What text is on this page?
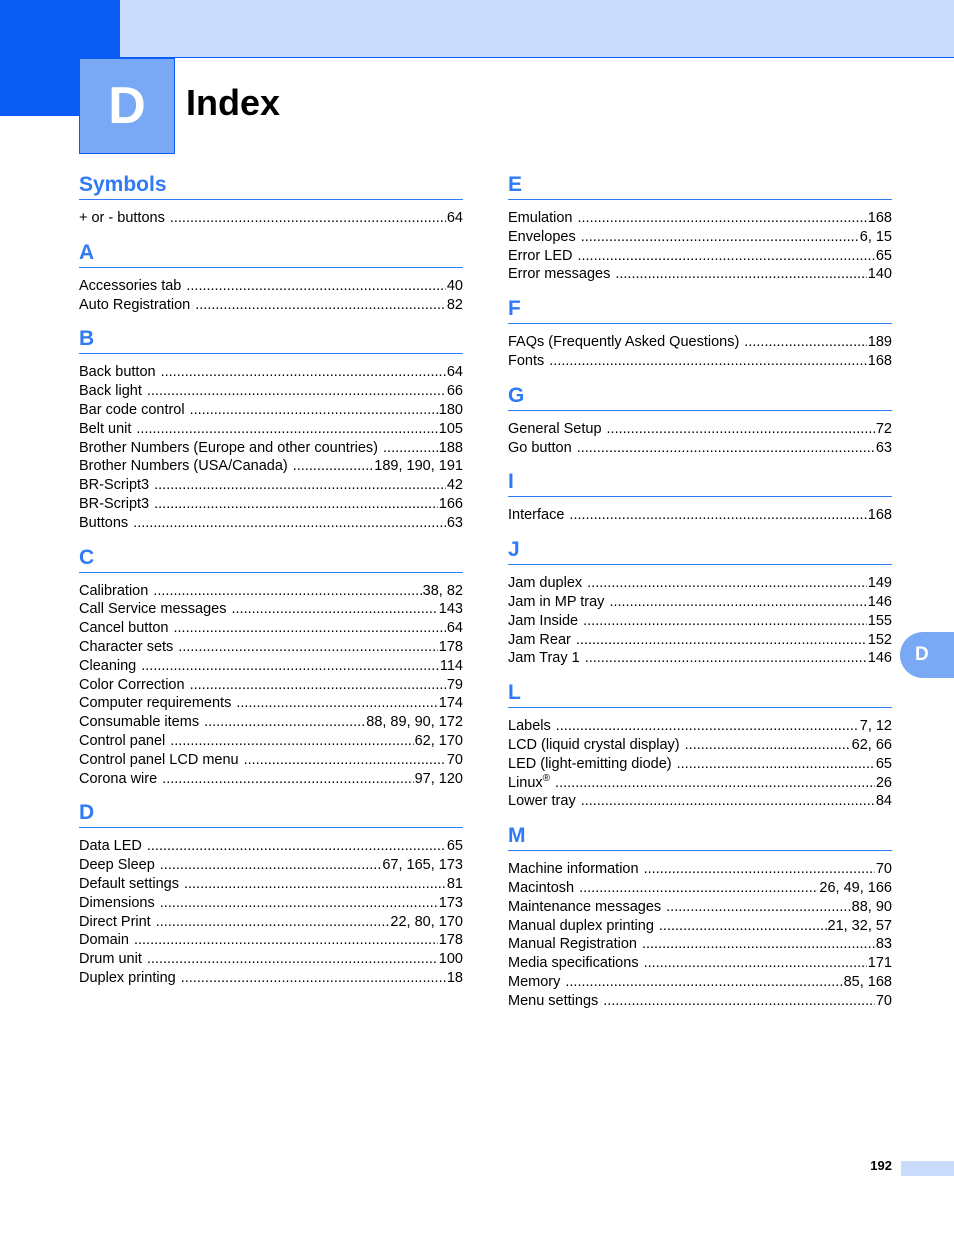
D	Index
Symbols
+ or - buttons .....	64
A
Accessories tab .....	40
Auto Registration .....	82
B
Back button .....	64
Back light .....	66
Bar code control .....	180
Belt unit .....	105
Brother Numbers (Europe and other countries) .....	188
Brother Numbers (USA/Canada) .....	189, 190, 191
BR-Script3 .....	42
BR-Script3 .....	166
Buttons .....	63
C
Calibration .....	38, 82
Call Service messages .....	143
Cancel button .....	64
Character sets .....	178
Cleaning .....	114
Color Correction .....	79
Computer requirements .....	174
Consumable items .....	88, 89, 90, 172
Control panel .....	62, 170
Control panel LCD menu .....	70
Corona wire .....	97, 120
D
Data LED .....	65
Deep Sleep .....	67, 165, 173
Default settings .....	81
Dimensions .....	173
Direct Print .....	22, 80, 170
Domain .....	178
Drum unit .....	100
Duplex printing .....	18
E
Emulation .....	168
Envelopes .....	6, 15
Error LED .....	65
Error messages .....	140
F
FAQs (Frequently Asked Questions) .....	189
Fonts .....	168
G
General Setup .....	72
Go button .....	63
I
Interface .....	168
J
Jam duplex .....	149
Jam in MP tray .....	146
Jam Inside .....	155
Jam Rear .....	152
Jam Tray 1 .....	146
L
Labels .....	7, 12
LCD (liquid crystal display) .....	62, 66
LED (light-emitting diode) .....	65
Linux® .....	26
Lower tray .....	84
M
Machine information .....	70
Macintosh .....	26, 49, 166
Maintenance messages .....	88, 90
Manual duplex printing .....	21, 32, 57
Manual Registration .....	83
Media specifications .....	171
Memory .....	85, 168
Menu settings .....	70
D
192
